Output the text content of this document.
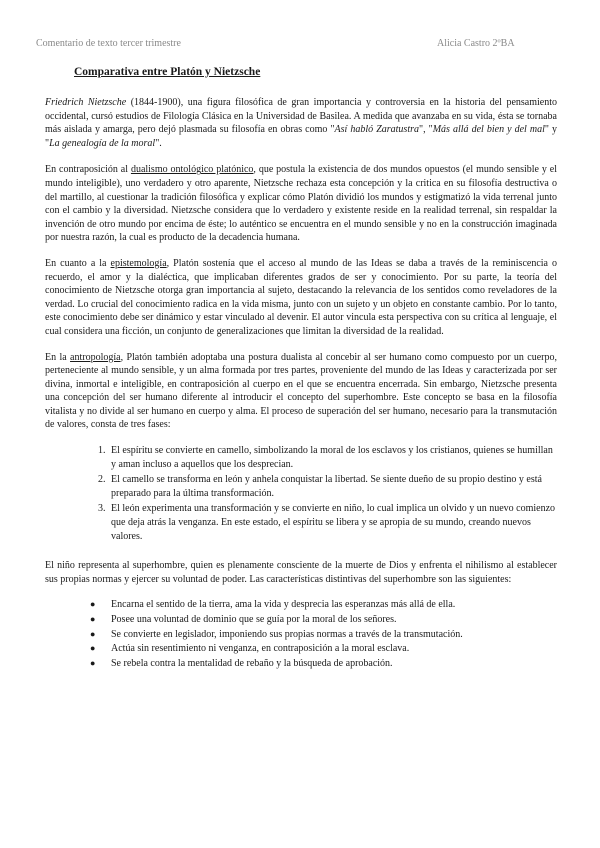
Comentario de texto tercer trimestre	Alicia Castro 2ºBA
Comparativa entre Platón y Nietzsche

Friedrich Nietzsche (1844-1900), una figura filosófica de gran importancia y controversia en la historia del pensamiento occidental, cursó estudios de Filología Clásica en la Universidad de Basilea. A medida que avanzaba en su vida, ésta se tornaba más aislada y amarga, pero dejó plasmada su filosofía en obras como "Así habló Zaratustra", "Más allá del bien y del mal" y "La genealogía de la moral".

En contraposición al dualismo ontológico platónico, que postula la existencia de dos mundos opuestos (el mundo sensible y el mundo inteligible), uno verdadero y otro aparente, Nietzsche rechaza esta concepción y la critica en su filosofía destructiva o del martillo, al cuestionar la tradición filosófica y explicar cómo Platón dividió los mundos y estigmatizó la vida terrenal junto con el cambio y la diversidad. Nietzsche considera que lo verdadero y existente reside en la realidad terrenal, sin respaldar la invención de otro mundo por encima de éste; lo auténtico se encuentra en el mundo sensible y no en la construcción imaginada por nuestra razón, la cual es producto de la decadencia humana.

En cuanto a la epistemología, Platón sostenía que el acceso al mundo de las Ideas se daba a través de la reminiscencia o recuerdo, el amor y la dialéctica, que implicaban diferentes grados de ser y conocimiento. Por su parte, la teoría del conocimiento de Nietzsche otorga gran importancia al sujeto, destacando la relevancia de los sentidos como reveladores de la verdad. Lo crucial del conocimiento radica en la vida misma, junto con un sujeto y un objeto en constante cambio. Por lo tanto, este conocimiento debe ser dinámico y estar vinculado al devenir. El autor vincula esta perspectiva con su crítica al lenguaje, el cual considera una ficción, un conjunto de generalizaciones que limitan la diversidad de la realidad.

En la antropología, Platón también adoptaba una postura dualista al concebir al ser humano como compuesto por un cuerpo, perteneciente al mundo sensible, y un alma formada por tres partes, proveniente del mundo de las Ideas y caracterizada por ser divina, inmortal e inteligible, en contraposición al cuerpo en el que se encuentra encerrada. Sin embargo, Nietzsche presenta una concepción del ser humano diferente al introducir el concepto del superhombre. Este concepto se basa en la filosofía vitalista y no divide al ser humano en cuerpo y alma. El proceso de superación del ser humano, necesario para la transmutación de valores, consta de tres fases:

1. El espíritu se convierte en camello, simbolizando la moral de los esclavos y los cristianos, quienes se humillan y aman incluso a aquellos que los desprecian.
2. El camello se transforma en león y anhela conquistar la libertad. Se siente dueño de su propio destino y está preparado para la última transformación.
3. El león experimenta una transformación y se convierte en niño, lo cual implica un olvido y un nuevo comienzo que deja atrás la venganza. En este estado, el espíritu se libera y se apropia de su mundo, creando nuevos valores.

El niño representa al superhombre, quien es plenamente consciente de la muerte de Dios y enfrenta el nihilismo al establecer sus propias normas y ejercer su voluntad de poder. Las características distintivas del superhombre son las siguientes:

● Encarna el sentido de la tierra, ama la vida y desprecia las esperanzas más allá de ella.
● Posee una voluntad de dominio que se guía por la moral de los señores.
● Se convierte en legislador, imponiendo sus propias normas a través de la transmutación.
● Actúa sin resentimiento ni venganza, en contraposición a la moral esclava.
● Se rebela contra la mentalidad de rebaño y la búsqueda de aprobación.
